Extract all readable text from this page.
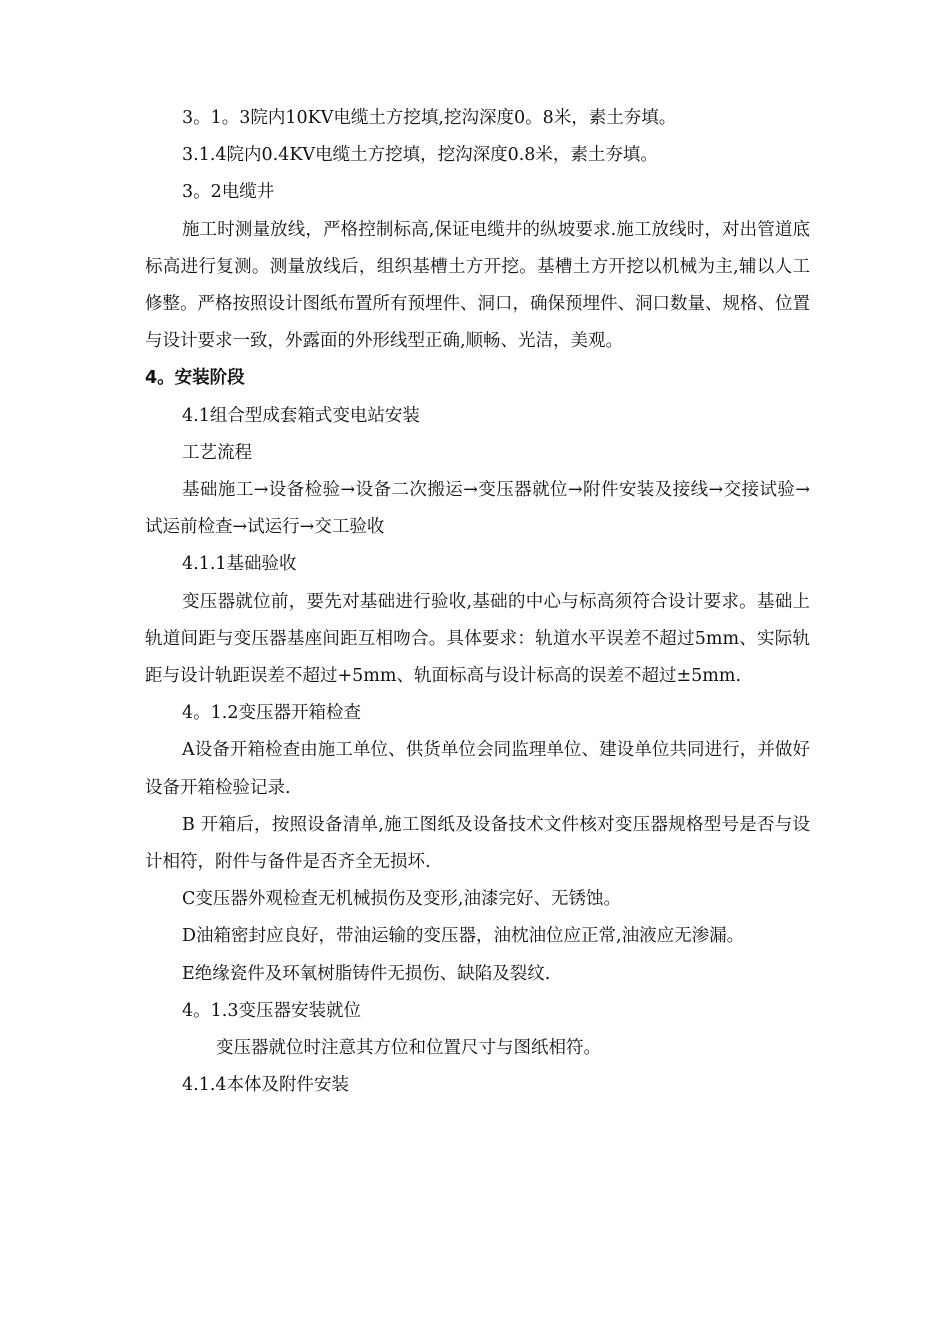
3。1。3院内10KV电缆土方挖填,挖沟深度0。8米，素土夯填。

3.1.4院内0.4KV电缆土方挖填，挖沟深度0.8米，素土夯填。

3。2电缆井

施工时测量放线，严格控制标高,保证电缆井的纵坡要求.施工放线时，对出管道底标高进行复测。测量放线后，组织基槽土方开挖。基槽土方开挖以机械为主,辅以人工修整。严格按照设计图纸布置所有预埋件、洞口，确保预埋件、洞口数量、规格、位置与设计要求一致，外露面的外形线型正确,顺畅、光洁，美观。

4。安装阶段

4.1组合型成套箱式变电站安装

工艺流程

基础施工→设备检验→设备二次搬运→变压器就位→附件安装及接线→交接试验→试运前检查→试运行→交工验收

4.1.1基础验收

变压器就位前，要先对基础进行验收,基础的中心与标高须符合设计要求。基础上轨道间距与变压器基座间距互相吻合。具体要求：轨道水平误差不超过5mm、实际轨距与设计轨距误差不超过+5mm、轨面标高与设计标高的误差不超过±5mm.

4。1.2变压器开箱检查

A设备开箱检查由施工单位、供货单位会同监理单位、建设单位共同进行，并做好设备开箱检验记录.

B 开箱后，按照设备清单,施工图纸及设备技术文件核对变压器规格型号是否与设计相符，附件与备件是否齐全无损坏.

C变压器外观检查无机械损伤及变形,油漆完好、无锈蚀。

D油箱密封应良好，带油运输的变压器，油枕油位应正常,油液应无渗漏。

E绝缘瓷件及环氧树脂铸件无损伤、缺陷及裂纹.

4。1.3变压器安装就位

变压器就位时注意其方位和位置尺寸与图纸相符。

4.1.4本体及附件安装
